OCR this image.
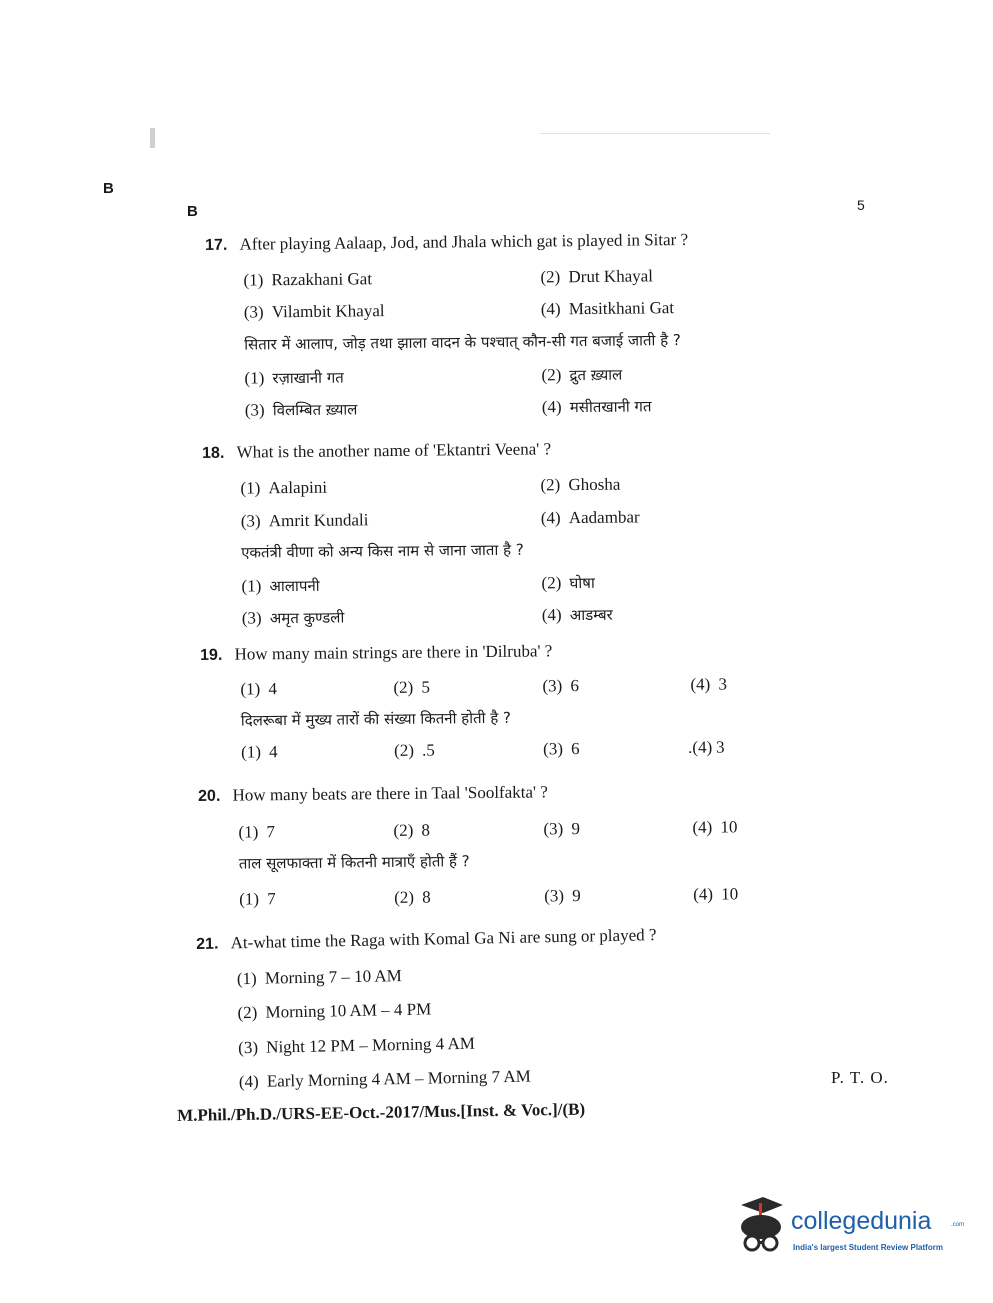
B
B	5
17. After playing Aalaap, Jod, and Jhala which gat is played in Sitar ?
(1) Razakhani Gat	(2) Drut Khayal
(3) Vilambit Khayal	(4) Masitkhani Gat
सितार में आलाप, जोड़ तथा झाला वादन के पश्चात् कौन-सी गत बजाई जाती है ?
(1) रज़ाखानी गत	(2) द्रुत ख़्याल
(3) विलम्बित ख़्याल	(4) मसीतखानी गत
18. What is the another name of 'Ektantri Veena' ?
(1) Aalapini	(2) Ghosha
(3) Amrit Kundali	(4) Aadambar
एकतंत्री वीणा को अन्य किस नाम से जाना जाता है ?
(1) आलापनी	(2) घोषा
(3) अमृत कुण्डली	(4) आडम्बर
19. How many main strings are there in 'Dilruba' ?
(1) 4	(2) 5	(3) 6	(4) 3
दिलरूबा में मुख्य तारों की संख्या कितनी होती है ?
(1) 4	(2) .5	(3) 6	.(4) 3
20. How many beats are there in Taal 'Soolfakta' ?
(1) 7	(2) 8	(3) 9	(4) 10
ताल सूलफाक्ता में कितनी मात्राएँ होती हैं ?
(1) 7	(2) 8	(3) 9	(4) 10
21. At-what time the Raga with Komal Ga Ni are sung or played ?
(1) Morning 7 – 10 AM
(2) Morning 10 AM – 4 PM
(3) Night 12 PM – Morning 4 AM
(4) Early Morning 4 AM – Morning 7 AM
M.Phil./Ph.D./URS-EE-Oct.-2017/Mus.[Inst. & Voc.]/(B)
P. T. O.
collegedunia	.com
India's largest Student Review Platform
